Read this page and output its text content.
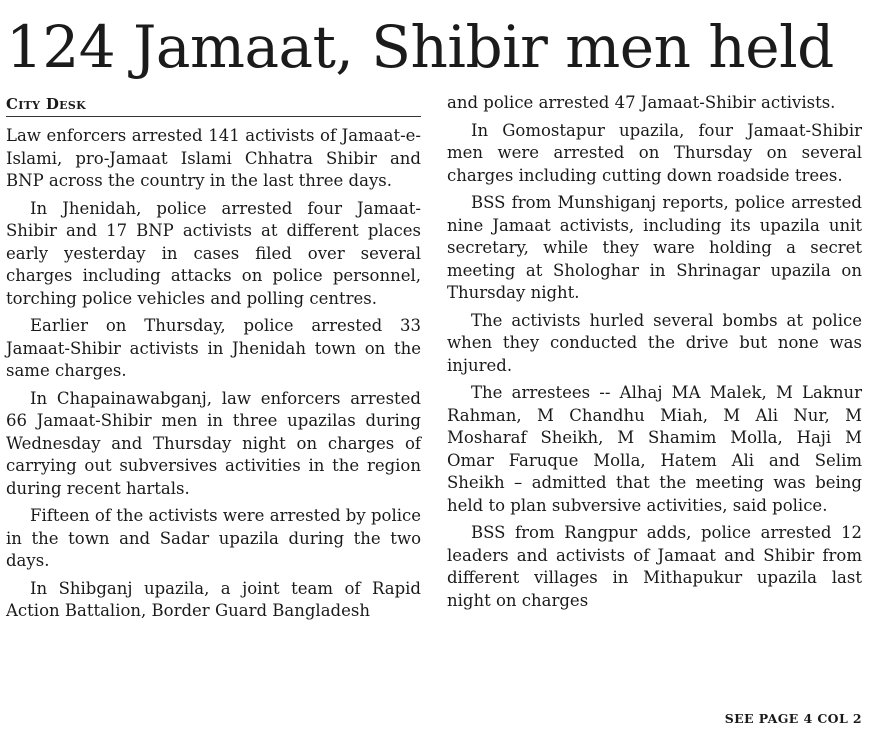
124 Jamaat, Shibir men held
City Desk

Law enforcers arrested 141 activists of Jamaat-e-Islami, pro-Jamaat Islami Chhatra Shibir and BNP across the country in the last three days.

In Jhenidah, police arrested four Jamaat-Shibir and 17 BNP activists at different places early yesterday in cases filed over several charges including attacks on police personnel, torching police vehicles and polling centres.

Earlier on Thursday, police arrested 33 Jamaat-Shibir activists in Jhenidah town on the same charges.

In Chapainawabganj, law enforcers arrested 66 Jamaat-Shibir men in three upazilas during Wednesday and Thursday night on charges of carrying out subversives activities in the region during recent hartals.

Fifteen of the activists were arrested by police in the town and Sadar upazila during the two days.

In Shibganj upazila, a joint team of Rapid Action Battalion, Border Guard Bangladesh

and police arrested 47 Jamaat-Shibir activists.

In Gomostapur upazila, four Jamaat-Shibir men were arrested on Thursday on several charges including cutting down roadside trees.

BSS from Munshiganj reports, police arrested nine Jamaat activists, including its upazila unit secretary, while they ware holding a secret meeting at Shologhar in Shrinagar upazila on Thursday night.

The activists hurled several bombs at police when they conducted the drive but none was injured.

The arrestees -- Alhaj MA Malek, M Laknur Rahman, M Chandhu Miah, M Ali Nur, M Mosharaf Sheikh, M Shamim Molla, Haji M Omar Faruque Molla, Hatem Ali and Selim Sheikh – admitted that the meeting was being held to plan subversive activities, said police.

BSS from Rangpur adds, police arrested 12 leaders and activists of Jamaat and Shibir from different villages in Mithapukur upazila last night on charges

SEE PAGE 4 COL 2
